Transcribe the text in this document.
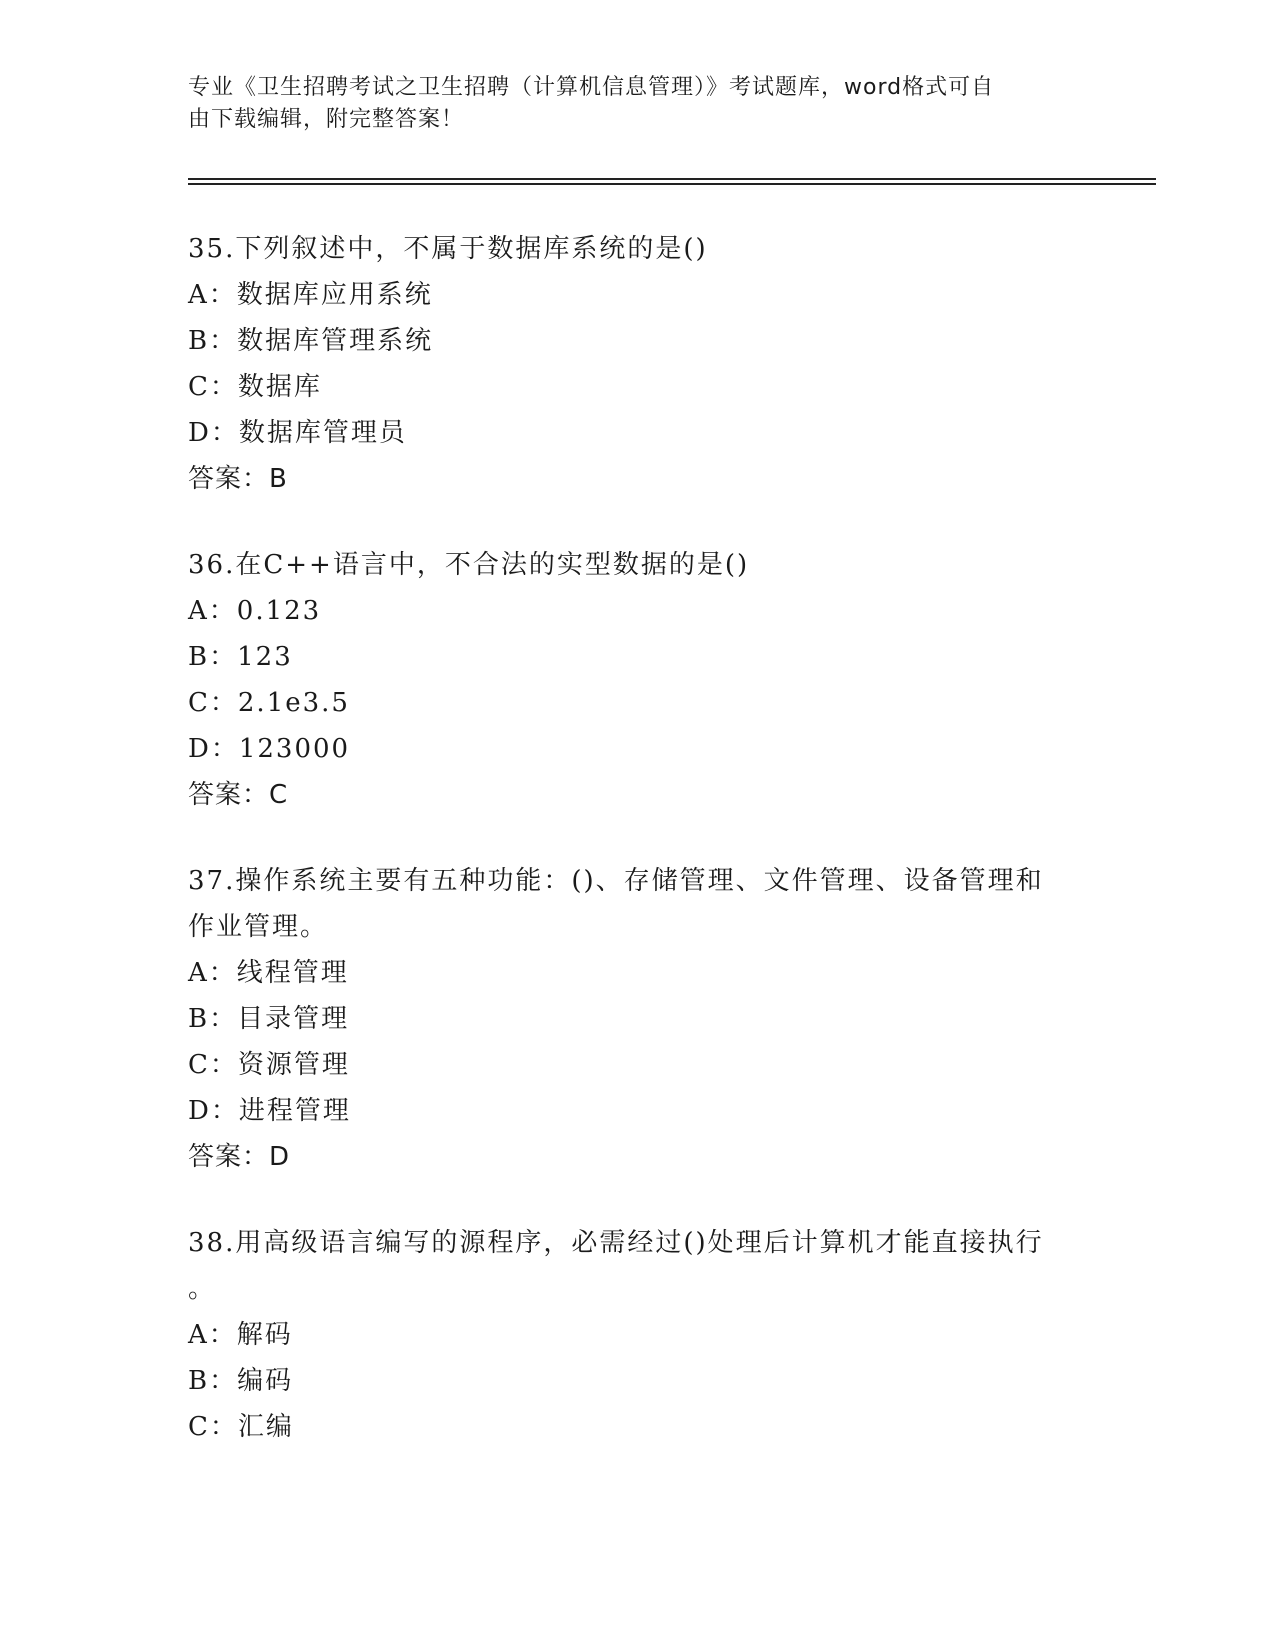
专业《卫生招聘考试之卫生招聘（计算机信息管理）》考试题库，word格式可自
由下载编辑，附完整答案！
35.下列叙述中，不属于数据库系统的是()
A：数据库应用系统
B：数据库管理系统
C：数据库
D：数据库管理员
答案：B
36.在C++语言中，不合法的实型数据的是()
A：0.123
B：123
C：2.1e3.5
D：123000
答案：C
37.操作系统主要有五种功能：()、存储管理、文件管理、设备管理和
作业管理。
A：线程管理
B：目录管理
C：资源管理
D：进程管理
答案：D
38.用高级语言编写的源程序，必需经过()处理后计算机才能直接执行
。
A：解码
B：编码
C：汇编
